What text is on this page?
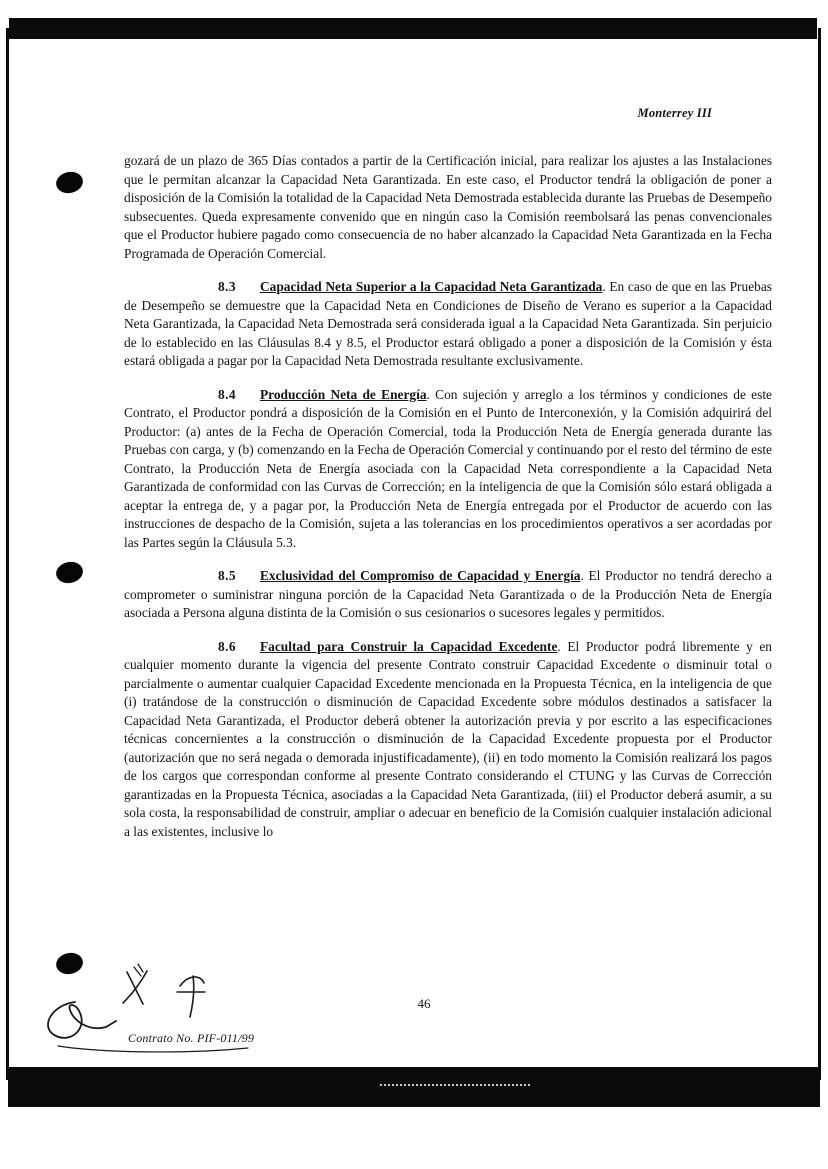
Monterrey III

gozará de un plazo de 365 Días contados a partir de la Certificación inicial, para realizar los ajustes a las Instalaciones que le permitan alcanzar la Capacidad Neta Garantizada. En este caso, el Productor tendrá la obligación de poner a disposición de la Comisión la totalidad de la Capacidad Neta Demostrada establecida durante las Pruebas de Desempeño subsecuentes. Queda expresamente convenido que en ningún caso la Comisión reembolsará las penas convencionales que el Productor hubiere pagado como consecuencia de no haber alcanzado la Capacidad Neta Garantizada en la Fecha Programada de Operación Comercial.

8.3 Capacidad Neta Superior a la Capacidad Neta Garantizada. En caso de que en las Pruebas de Desempeño se demuestre que la Capacidad Neta en Condiciones de Diseño de Verano es superior a la Capacidad Neta Garantizada, la Capacidad Neta Demostrada será considerada igual a la Capacidad Neta Garantizada. Sin perjuicio de lo establecido en las Cláusulas 8.4 y 8.5, el Productor estará obligado a poner a disposición de la Comisión y ésta estará obligada a pagar por la Capacidad Neta Demostrada resultante exclusivamente.

8.4 Producción Neta de Energía. Con sujeción y arreglo a los términos y condiciones de este Contrato, el Productor pondrá a disposición de la Comisión en el Punto de Interconexión, y la Comisión adquirirá del Productor: (a) antes de la Fecha de Operación Comercial, toda la Producción Neta de Energía generada durante las Pruebas con carga, y (b) comenzando en la Fecha de Operación Comercial y continuando por el resto del término de este Contrato, la Producción Neta de Energía asociada con la Capacidad Neta correspondiente a la Capacidad Neta Garantizada de conformidad con las Curvas de Corrección; en la inteligencia de que la Comisión sólo estará obligada a aceptar la entrega de, y a pagar por, la Producción Neta de Energía entregada por el Productor de acuerdo con las instrucciones de despacho de la Comisión, sujeta a las tolerancias en los procedimientos operativos a ser acordadas por las Partes según la Cláusula 5.3.

8.5 Exclusividad del Compromiso de Capacidad y Energía. El Productor no tendrá derecho a comprometer o suministrar ninguna porción de la Capacidad Neta Garantizada o de la Producción Neta de Energía asociada a Persona alguna distinta de la Comisión o sus cesionarios o sucesores legales y permitidos.

8.6 Facultad para Construir la Capacidad Excedente. El Productor podrá libremente y en cualquier momento durante la vigencia del presente Contrato construir Capacidad Excedente o disminuir total o parcialmente o aumentar cualquier Capacidad Excedente mencionada en la Propuesta Técnica, en la inteligencia de que (i) tratándose de la construcción o disminución de Capacidad Excedente sobre módulos destinados a satisfacer la Capacidad Neta Garantizada, el Productor deberá obtener la autorización previa y por escrito a las especificaciones técnicas concernientes a la construcción o disminución de la Capacidad Excedente propuesta por el Productor (autorización que no será negada o demorada injustificadamente), (ii) en todo momento la Comisión realizará los pagos de los cargos que correspondan conforme al presente Contrato considerando el CTUNG y las Curvas de Corrección garantizadas en la Propuesta Técnica, asociadas a la Capacidad Neta Garantizada, (iii) el Productor deberá asumir, a su sola costa, la responsabilidad de construir, ampliar o adecuar en beneficio de la Comisión cualquier instalación adicional a las existentes, inclusive lo

46
Contrato No. PIF-011/99
